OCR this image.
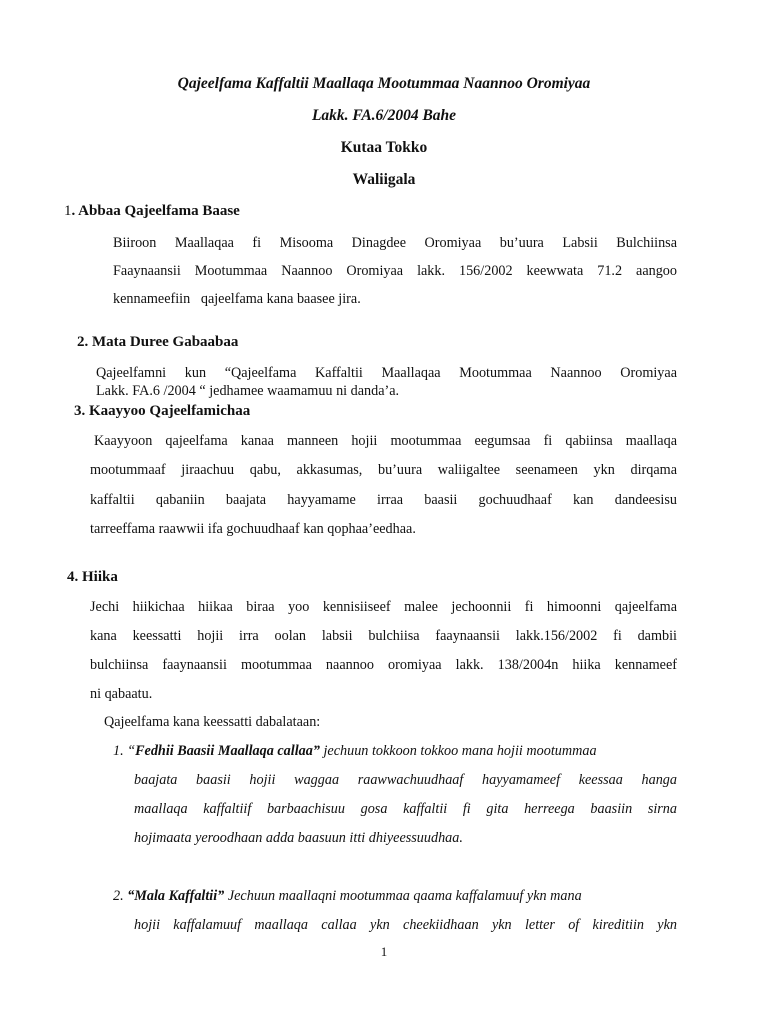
Qajeelfama Kaffaltii Maallaqa Mootummaa Naannoo Oromiyaa
Lakk. FA.6/2004 Bahe
Kutaa Tokko
Waliigala
1. Abbaa Qajeelfama Baase
Biiroon Maallaqaa fi Misooma Dinagdee Oromiyaa bu’uura Labsii Bulchiinsa
Faaynaansii Mootummaa Naannoo Oromiyaa lakk. 156/2002 keewwata 71.2 aangoo
kennameefiin   qajeelfama kana baasee jira.
2. Mata Duree Gabaabaa
Qajeelfamni kun “Qajeelfama Kaffaltii Maallaqaa Mootummaa Naannoo Oromiyaa
Lakk. FA.6 /2004 “ jedhamee waamamuu ni danda’a.
3. Kaayyoo Qajeelfamichaa
Kaayyoon qajeelfama kanaa manneen hojii mootummaa eegumsaa fi qabiinsa maallaqa
mootummaaf jiraachuu qabu, akkasumas, bu’uura waliigaltee seenameen ykn dirqama
kaffaltii qabaniin baajata hayyamame irraa baasii gochuudhaaf kan dandeesisu
tarreeffama raawwii ifa gochuudhaaf kan qophaa’eedhaa.
4. Hiika
Jechi hiikichaa hiikaa biraa yoo kennisiiseef malee jechoonnii fi himoonni qajeelfama
kana keessatti hojii irra oolan labsii bulchiisa faaynaansii lakk.156/2002 fi dambii
bulchiinsa faaynaansii mootummaa naannoo oromiyaa lakk. 138/2004n hiika kennameef
ni qabaatu.
Qajeelfama kana keessatti dabalataan:
1. “Fedhii Baasii Maallaqa callaa” jechuun tokkoon tokkoo mana hojii mootummaa
baajata baasii hojii waggaa raawwachuudhaaf hayyamameef keessaa hanga
maallaqa kaffaltiif barbaachisuu gosa kaffaltii fi gita herreega baasiin sirna
hojimaata yeroodhaan adda baasuun itti dhiyeessuudhaa.
2. “Mala Kaffaltii” Jechuun maallaqni mootummaa qaama kaffalamuuf ykn mana
hojii kaffalamuuf maallaqa callaa ykn cheekiidhaan ykn letter of kireditiin ykn
1
